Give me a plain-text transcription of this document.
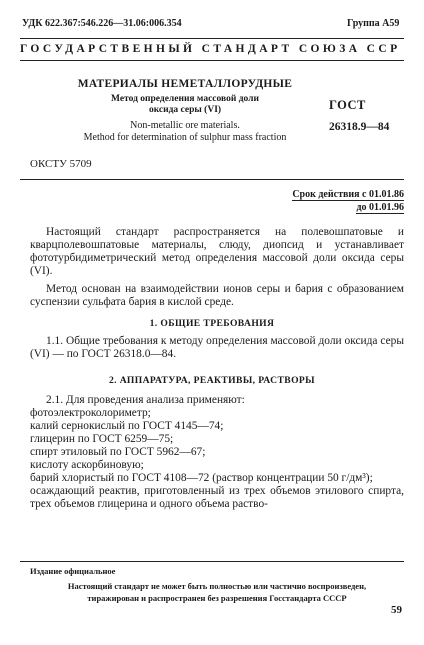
УДК 622.367:546.226—31.06:006.354	Группа А59
ГОСУДАРСТВЕННЫЙ СТАНДАРТ СОЮЗА ССР
МАТЕРИАЛЫ НЕМЕТАЛЛОРУДНЫЕ
Метод определения массовой доли
оксида серы (VI)
Non-metallic ore materials.
Method for determination of sulphur mass fraction
ГОСТ
26318.9—84
ОКСТУ 5709
Срок действия с 01.01.86
до 01.01.96
Настоящий стандарт распространяется на полевошпатовые и кварцполевошпатовые материалы, слюду, диопсид и устанавливает фототурбидиметрический метод определения массовой доли оксида серы (VI).
Метод основан на взаимодействии ионов серы и бария с образованием суспензии сульфата бария в кислой среде.
1. ОБЩИЕ ТРЕБОВАНИЯ
1.1. Общие требования к методу определения массовой доли оксида серы (VI) — по ГОСТ 26318.0—84.
2. АППАРАТУРА, РЕАКТИВЫ, РАСТВОРЫ
2.1. Для проведения анализа применяют:
фотоэлектроколориметр;
калий сернокислый по ГОСТ 4145—74;
глицерин по ГОСТ 6259—75;
спирт этиловый по ГОСТ 5962—67;
кислоту аскорбиновую;
барий хлористый по ГОСТ 4108—72 (раствор концентрации 50 г/дм³);
осаждающий реактив, приготовленный из трех объемов этилового спирта, трех объемов глицерина и одного объема раство-
Издание официальное
Настоящий стандарт не может быть полностью или частично воспроизведен,
тиражирован и распространен без разрешения Госстандарта СССР
59
